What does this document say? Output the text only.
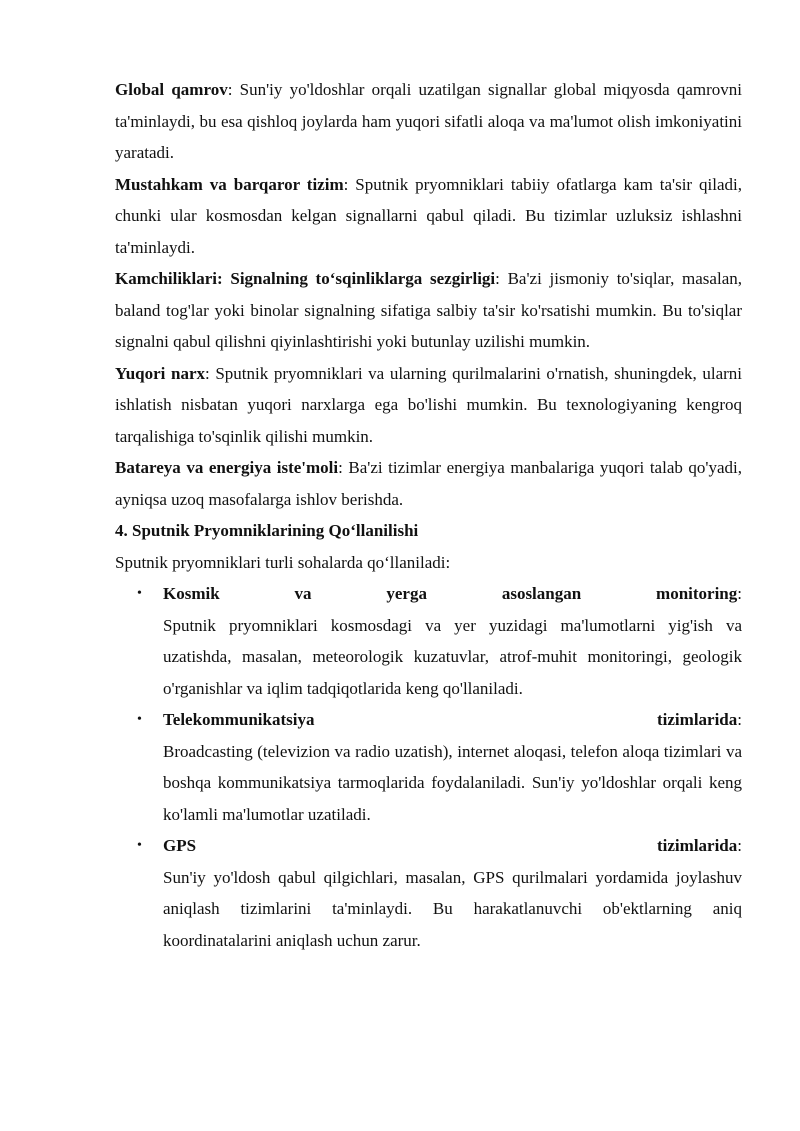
Global qamrov: Sun'iy yo'ldoshlar orqali uzatilgan signallar global miqyosda qamrovni ta'minlaydi, bu esa qishloq joylarda ham yuqori sifatli aloqa va ma'lumot olish imkoniyatini yaratadi.

Mustahkam va barqaror tizim: Sputnik pryomniklari tabiiy ofatlarga kam ta'sir qiladi, chunki ular kosmosdan kelgan signallarni qabul qiladi. Bu tizimlar uzluksiz ishlashni ta'minlaydi.

Kamchiliklari: Signalning to‘sqinliklarga sezgirligi: Ba'zi jismoniy to'siqlar, masalan, baland tog'lar yoki binolar signalning sifatiga salbiy ta'sir ko'rsatishi mumkin. Bu to'siqlar signalni qabul qilishni qiyinlashtirishi yoki butunlay uzilishi mumkin.

Yuqori narx: Sputnik pryomniklari va ularning qurilmalarini o'rnatish, shuningdek, ularni ishlatish nisbatan yuqori narxlarga ega bo'lishi mumkin. Bu texnologiyaning kengroq tarqalishiga to'sqinlik qilishi mumkin.

Batareya va energiya iste'moli: Ba'zi tizimlar energiya manbalariga yuqori talab qo'yadi, ayniqsa uzoq masofalarga ishlov berishda.

4. Sputnik Pryomniklarining Qo‘llanilishi

Sputnik pryomniklari turli sohalarda qo‘llaniladi:

• Kosmik va yerga asoslangan monitoring:
Sputnik pryomniklari kosmosdagi va yer yuzidagi ma'lumotlarni yig'ish va uzatishda, masalan, meteorologik kuzatuvlar, atrof-muhit monitoringi, geologik o'rganishlar va iqlim tadqiqotlarida keng qo'llaniladi.
• Telekommunikatsiya tizimlarida:
Broadcasting (televizion va radio uzatish), internet aloqasi, telefon aloqa tizimlari va boshqa kommunikatsiya tarmoqlarida foydalaniladi. Sun'iy yo'ldoshlar orqali keng ko'lamli ma'lumotlar uzatiladi.
• GPS tizimlarida:
Sun'iy yo'ldosh qabul qilgichlari, masalan, GPS qurilmalari yordamida joylashuv aniqlash tizimlarini ta'minlaydi. Bu harakatlanuvchi ob'ektlarning aniq koordinatalarini aniqlash uchun zarur.
